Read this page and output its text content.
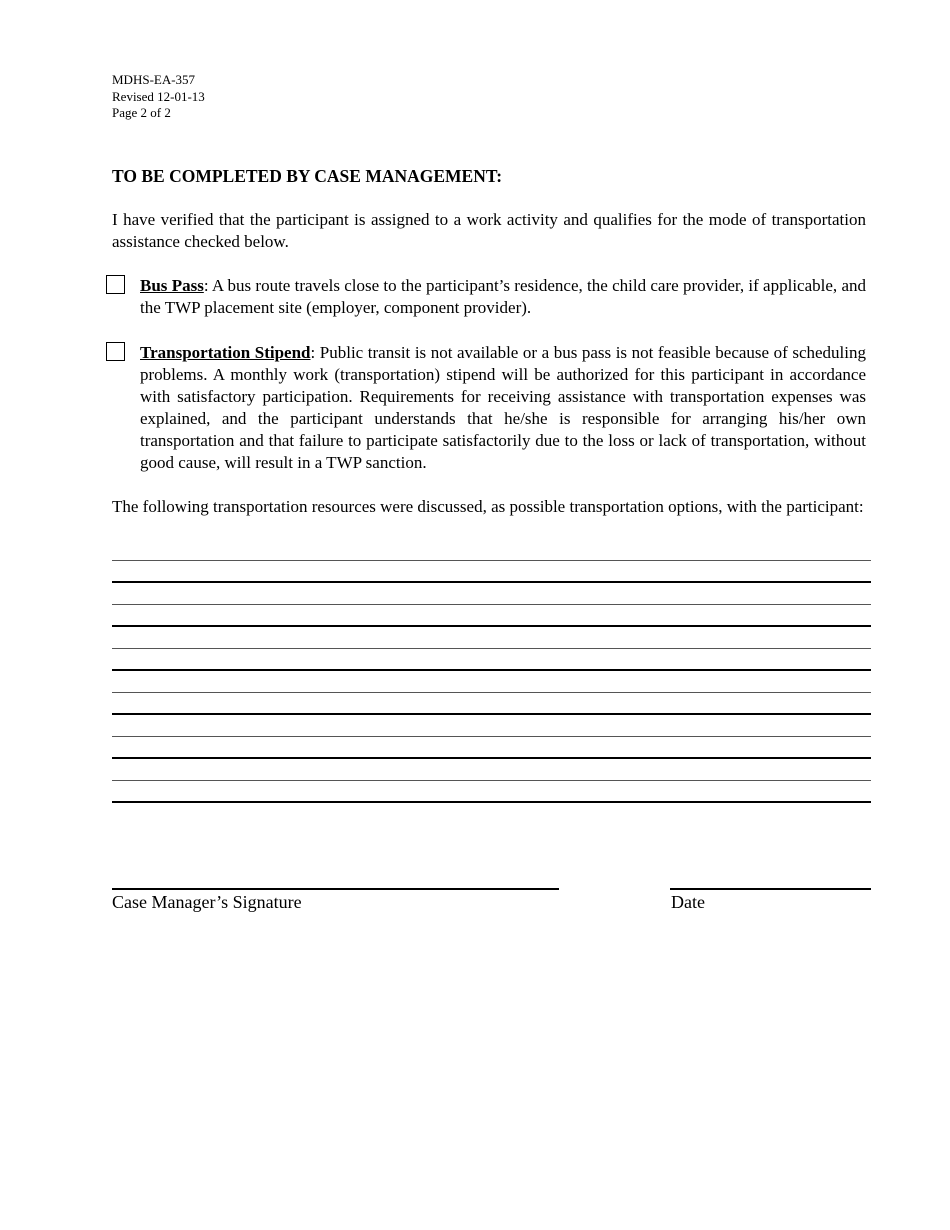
MDHS-EA-357
Revised 12-01-13
Page 2 of 2
TO BE COMPLETED BY CASE MANAGEMENT:
I have verified that the participant is assigned to a work activity and qualifies for the mode of transportation assistance checked below.
Bus Pass: A bus route travels close to the participant’s residence, the child care provider, if applicable, and the TWP placement site (employer, component provider).
Transportation Stipend: Public transit is not available or a bus pass is not feasible because of scheduling problems. A monthly work (transportation) stipend will be authorized for this participant in accordance with satisfactory participation. Requirements for receiving assistance with transportation expenses was explained, and the participant understands that he/she is responsible for arranging his/her own transportation and that failure to participate satisfactorily due to the loss or lack of transportation, without good cause, will result in a TWP sanction.
The following transportation resources were discussed, as possible transportation options, with the participant:
Case Manager’s Signature	Date
